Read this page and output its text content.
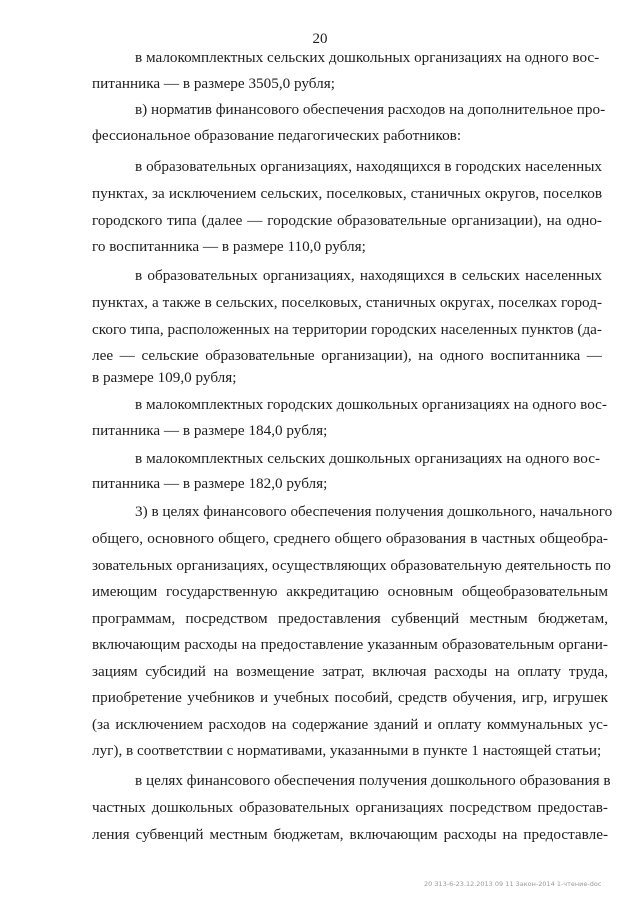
20
в малокомплектных сельских дошкольных организациях на одного вос-
питанника — в размере 3505,0 рубля;
в) норматив финансового обеспечения расходов на дополнительное про-
фессиональное образование педагогических работников:
в образовательных организациях, находящихся в городских населенных
пунктах, за исключением сельских, поселковых, станичных округов, поселков
городского типа (далее — городские образовательные организации), на одно-
го воспитанника — в размере 110,0 рубля;
в образовательных организациях, находящихся в сельских населенных
пунктах, а также в сельских, поселковых, станичных округах, поселках город-
ского типа, расположенных на территории городских населенных пунктов (да-
лее — сельские образовательные организации), на одного воспитанника —
в размере 109,0 рубля;
в малокомплектных городских дошкольных организациях на одного вос-
питанника — в размере 184,0 рубля;
в малокомплектных сельских дошкольных организациях на одного вос-
питанника — в размере 182,0 рубля;
3) в целях финансового обеспечения получения дошкольного, начального
общего, основного общего, среднего общего образования в частных общеобра-
зовательных организациях, осуществляющих образовательную деятельность по
имеющим государственную аккредитацию основным общеобразовательным
программам, посредством предоставления субвенций местным бюджетам,
включающим расходы на предоставление указанным образовательным органи-
зациям субсидий на возмещение затрат, включая расходы на оплату труда,
приобретение учебников и учебных пособий, средств обучения, игр, игрушек
(за исключением расходов на содержание зданий и оплату коммунальных ус-
луг), в соответствии с нормативами, указанными в пункте 1 настоящей статьи;
в целях финансового обеспечения получения дошкольного образования в
частных дошкольных образовательных организациях посредством предостав-
ления субвенций местным бюджетам, включающим расходы на предоставле-
20 З13-6-23.12.2013 09 11 Закон-2014 1-чтение-doc
